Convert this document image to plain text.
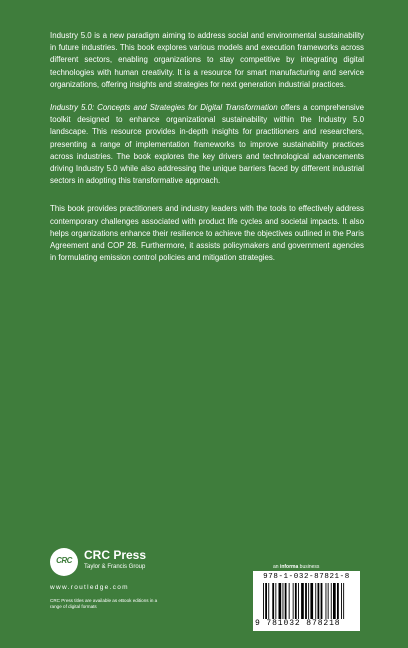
Industry 5.0 is a new paradigm aiming to address social and environmental sustainability in future industries. This book explores various models and execution frameworks across different sectors, enabling organizations to stay competitive by integrating digital technologies with human creativity. It is a resource for smart manufacturing and service organizations, offering insights and strategies for next generation industrial practices.

Industry 5.0: Concepts and Strategies for Digital Transformation offers a comprehensive toolkit designed to enhance organizational sustainability within the Industry 5.0 landscape. This resource provides in-depth insights for practitioners and researchers, presenting a range of implementation frameworks to improve sustainability practices across industries. The book explores the key drivers and technological advancements driving Industry 5.0 while also addressing the unique barriers faced by different industrial sectors in adopting this transformative approach.

This book provides practitioners and industry leaders with the tools to effectively address contemporary challenges associated with product life cycles and societal impacts. It also helps organizations enhance their resilience to achieve the objectives outlined in the Paris Agreement and COP 28. Furthermore, it assists policymakers and government agencies in formulating emission control policies and mitigation strategies.

CRC	CRC Press
Taylor & Francis Group
www.routledge.com
CRC Press titles are available as eBook editions in a range of digital formats
an informa business
978-1-032-87821-8
9 781032 878218
